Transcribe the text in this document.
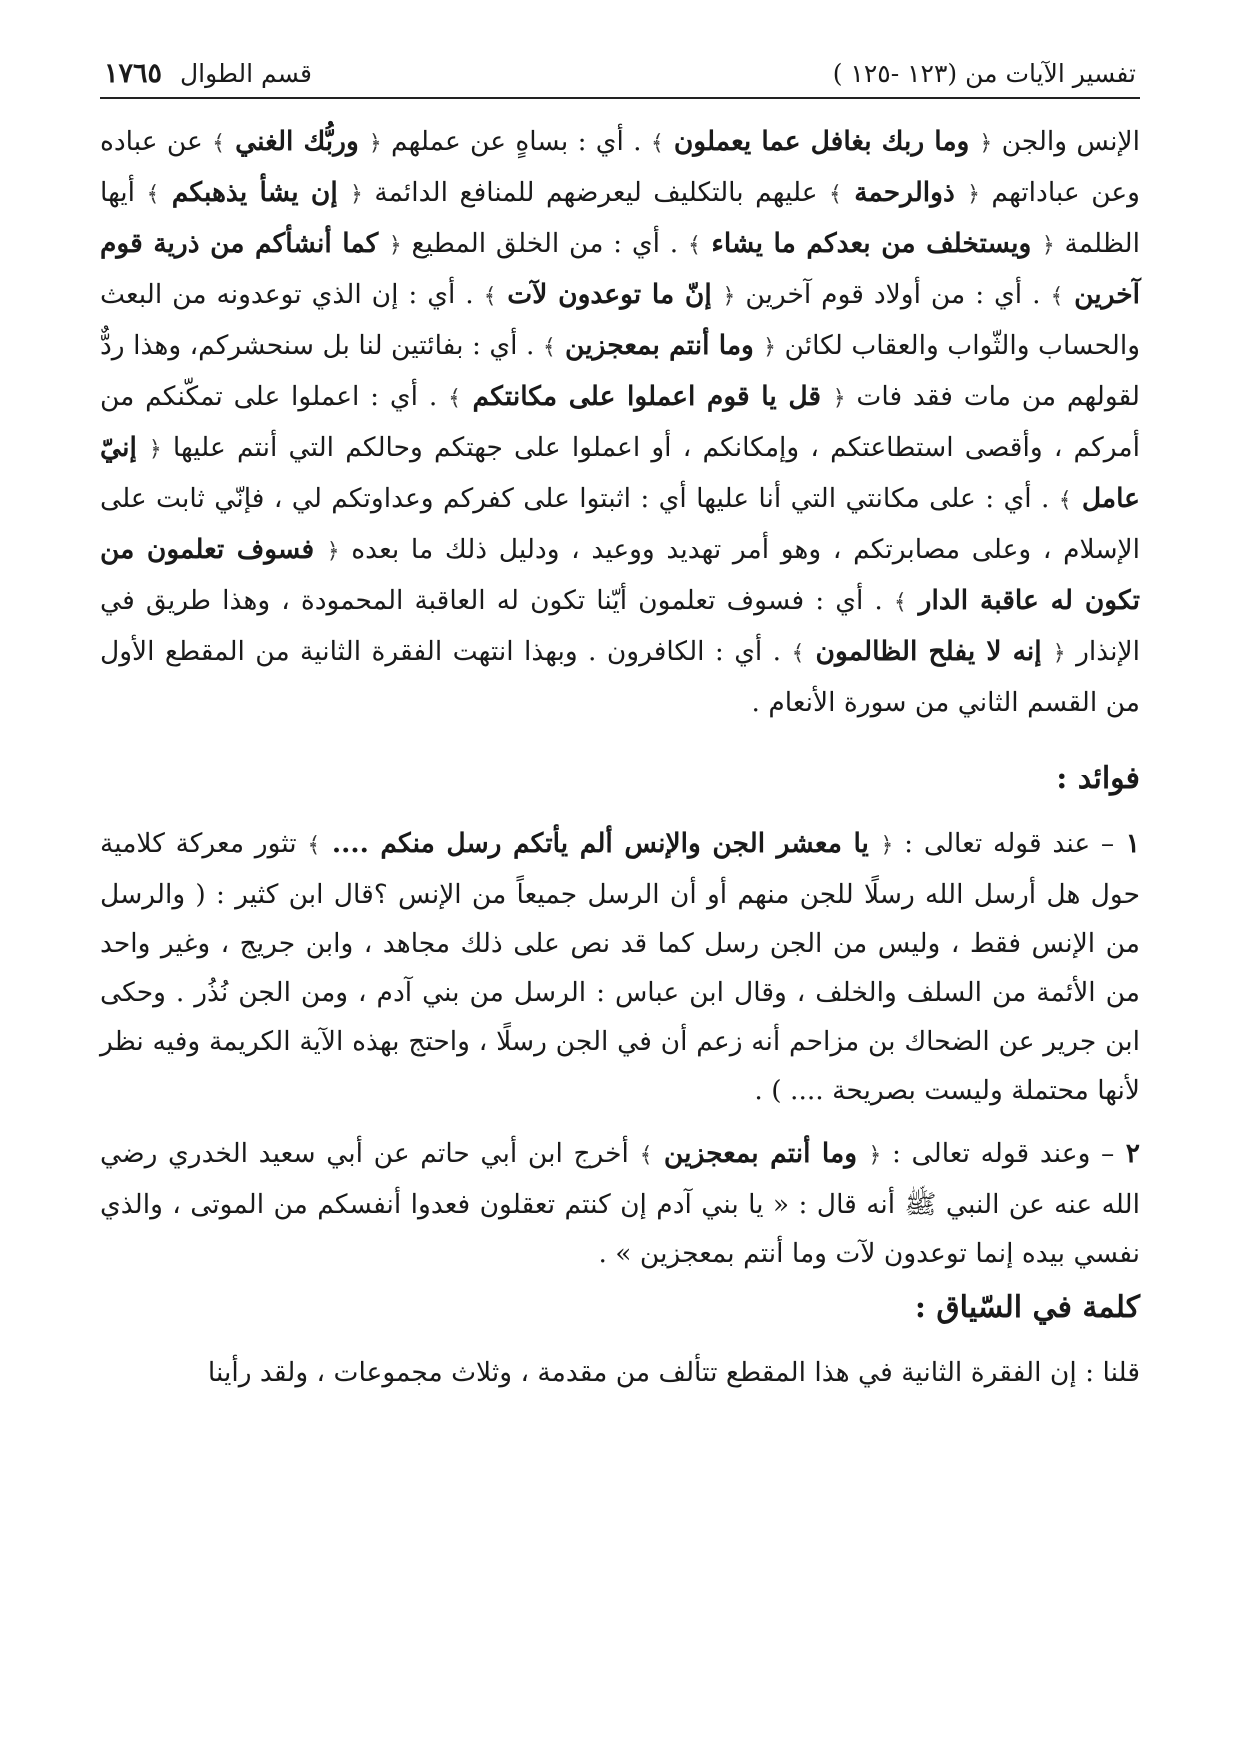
تفسير الآيات من (١٢٣ -١٢٥ )
قسم الطوال
١٧٦٥

الإنس والجن ﴿ وما ربك بغافل عما يعملون ﴾ . أي : بساهٍ عن عملهم ﴿ وربُّك الغني ﴾ عن عباده وعن عباداتهم ﴿ ذوالرحمة ﴾ عليهم بالتكليف ليعرضهم للمنافع الدائمة ﴿ إن يشأ يذهبكم ﴾ أيها الظلمة ﴿ ويستخلف من بعدكم ما يشاء ﴾ . أي : من الخلق المطيع ﴿ كما أنشأكم من ذرية قوم آخرين ﴾ . أي : من أولاد قوم آخرين ﴿ إنّ ما توعدون لآت ﴾ . أي : إن الذي توعدونه من البعث والحساب والثّواب والعقاب لكائن ﴿ وما أنتم بمعجزين ﴾ . أي : بفائتين لنا بل سنحشركم، وهذا ردٌّ لقولهم من مات فقد فات ﴿ قل يا قوم اعملوا على مكانتكم ﴾ . أي : اعملوا على تمكّنكم من أمركم ، وأقصى استطاعتكم ، وإمكانكم ، أو اعملوا على جهتكم وحالكم التي أنتم عليها ﴿ إنيّ عامل ﴾ . أي : على مكانتي التي أنا عليها أي : اثبتوا على كفركم وعداوتكم لي ، فإنّي ثابت على الإسلام ، وعلى مصابرتكم ، وهو أمر تهديد ووعيد ، ودليل ذلك ما بعده ﴿ فسوف تعلمون من تكون له عاقبة الدار ﴾ . أي : فسوف تعلمون أيّنا تكون له العاقبة المحمودة ، وهذا طريق في الإنذار ﴿ إنه لا يفلح الظالمون ﴾ . أي : الكافرون . وبهذا انتهت الفقرة الثانية من المقطع الأول من القسم الثاني من سورة الأنعام .

فوائد :

١ – عند قوله تعالى : ﴿ يا معشر الجن والإنس ألم يأتكم رسل منكم .... ﴾ تثور معركة كلامية حول هل أرسل الله رسلًا للجن منهم أو أن الرسل جميعاً من الإنس ؟قال ابن كثير : ( والرسل من الإنس فقط ، وليس من الجن رسل كما قد نص على ذلك مجاهد ، وابن جريج ، وغير واحد من الأئمة من السلف والخلف ، وقال ابن عباس : الرسل من بني آدم ، ومن الجن نُذُر . وحكى ابن جرير عن الضحاك بن مزاحم أنه زعم أن في الجن رسلًا ، واحتج بهذه الآية الكريمة وفيه نظر لأنها محتملة وليست بصريحة .... ) .

٢ – وعند قوله تعالى : ﴿ وما أنتم بمعجزين ﴾ أخرج ابن أبي حاتم عن أبي سعيد الخدري رضي الله عنه عن النبي ﷺ أنه قال : « يا بني آدم إن كنتم تعقلون فعدوا أنفسكم من الموتى ، والذي نفسي بيده إنما توعدون لآت وما أنتم بمعجزين » .

كلمة في السّياق :

قلنا : إن الفقرة الثانية في هذا المقطع تتألف من مقدمة ، وثلاث مجموعات ، ولقد رأينا
